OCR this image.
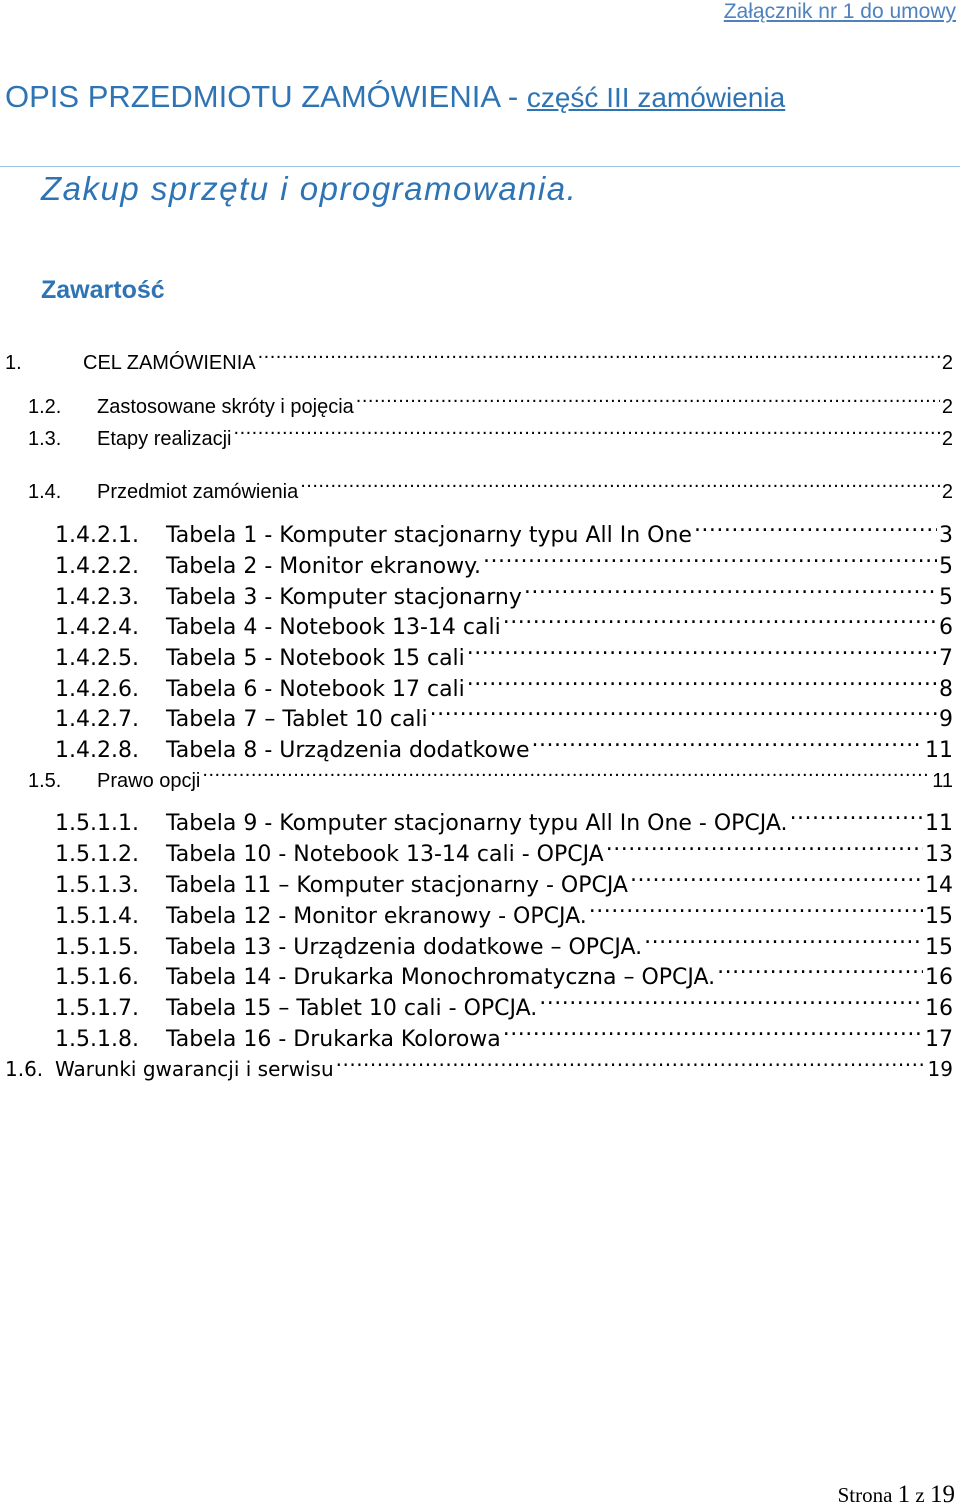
Załącznik nr 1 do umowy
OPIS PRZEDMIOTU ZAMÓWIENIA - część III zamówienia
Zakup sprzętu i oprogramowania.
Zawartość
1.	CEL ZAMÓWIENIA .....	2
1.2.	Zastosowane skróty i pojęcia .....	2
1.3.	Etapy realizacji .....	2
1.4.	Przedmiot zamówienia .....	2
1.4.2.1.	Tabela 1 - Komputer stacjonarny typu All In One .....	3
1.4.2.2.	Tabela 2 - Monitor ekranowy. .....	5
1.4.2.3.	Tabela 3 - Komputer stacjonarny .....	5
1.4.2.4.	Tabela 4 - Notebook 13-14 cali .....	6
1.4.2.5.	Tabela 5 - Notebook 15 cali .....	7
1.4.2.6.	Tabela 6 - Notebook 17 cali .....	8
1.4.2.7.	Tabela 7 – Tablet 10 cali .....	9
1.4.2.8.	Tabela 8 - Urządzenia dodatkowe .....	11
1.5.	Prawo opcji .....	11
1.5.1.1.	Tabela 9 - Komputer stacjonarny typu All In One - OPCJA. .....	11
1.5.1.2.	Tabela 10 - Notebook 13-14 cali - OPCJA .....	13
1.5.1.3.	Tabela 11 – Komputer stacjonarny - OPCJA .....	14
1.5.1.4.	Tabela 12 - Monitor ekranowy - OPCJA. .....	15
1.5.1.5.	Tabela 13 - Urządzenia dodatkowe – OPCJA. .....	15
1.5.1.6.	Tabela 14 - Drukarka Monochromatyczna – OPCJA. .....	16
1.5.1.7.	Tabela 15 – Tablet 10 cali - OPCJA. .....	16
1.5.1.8.	Tabela 16 - Drukarka Kolorowa .....	17
1.6. Warunki gwarancji i serwisu .....	19
Strona 1 z 19
